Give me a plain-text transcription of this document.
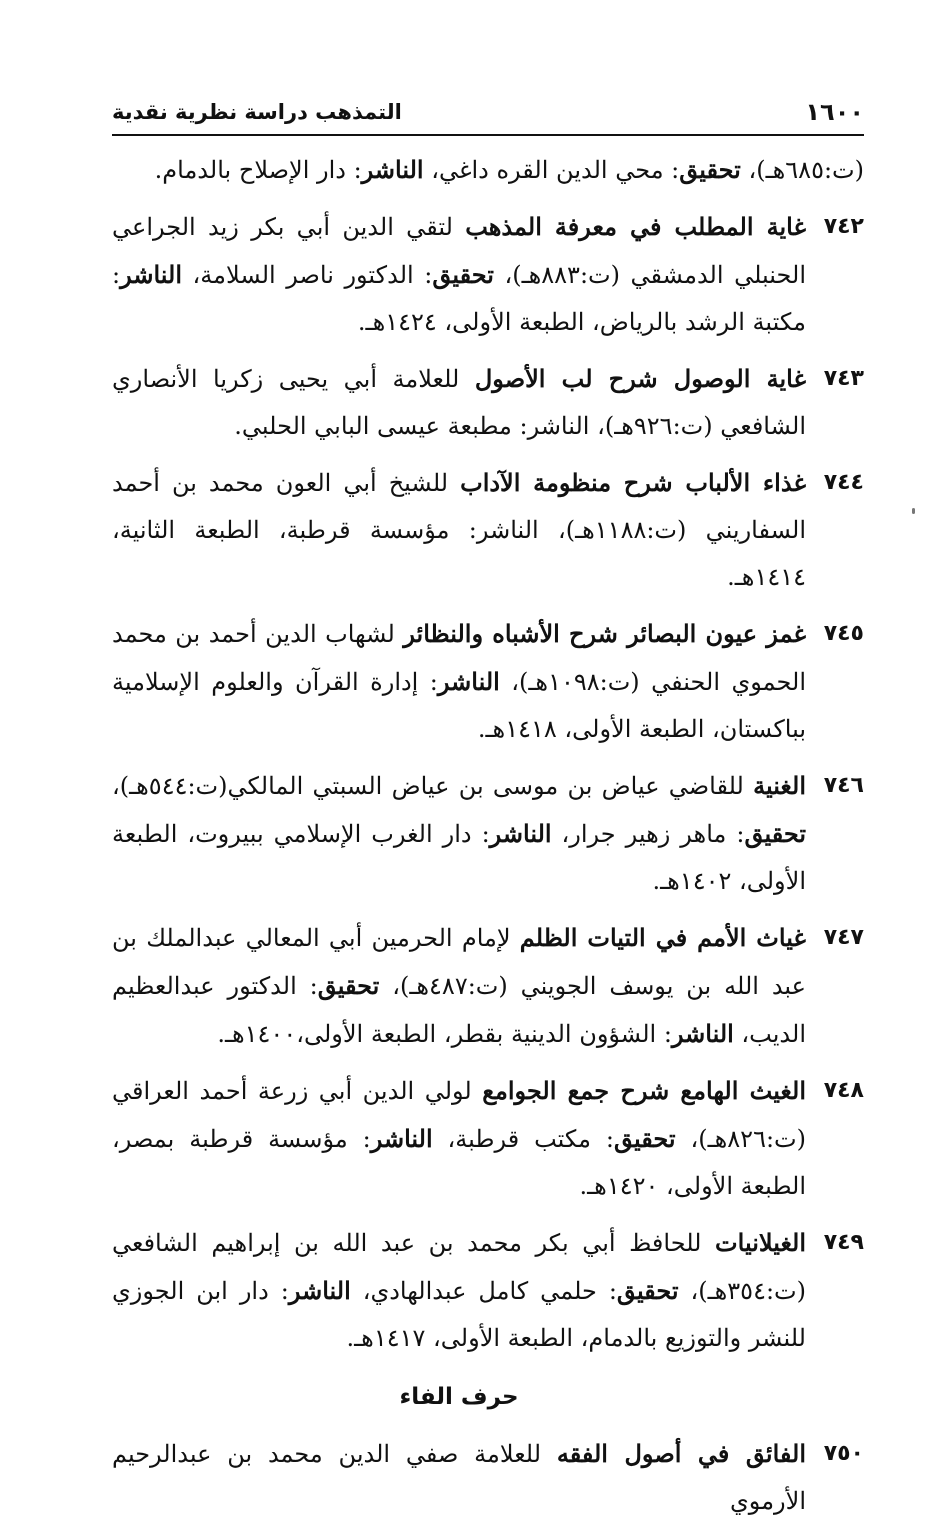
١٦٠٠
التمذهب دراسة نظرية نقدية

(ت:٦٨٥هـ)، تحقيق: محي الدين القره داغي، الناشر: دار الإصلاح بالدمام.

٧٤٢
غاية المطلب في معرفة المذهب لتقي الدين أبي بكر زيد الجراعي الحنبلي الدمشقي (ت:٨٨٣هـ)، تحقيق: الدكتور ناصر السلامة، الناشر: مكتبة الرشد بالرياض، الطبعة الأولى، ١٤٢٤هـ.
٧٤٣
غاية الوصول شرح لب الأصول للعلامة أبي يحيى زكريا الأنصاري الشافعي (ت:٩٢٦هـ)، الناشر: مطبعة عيسى البابي الحلبي.
٧٤٤
غذاء الألباب شرح منظومة الآداب للشيخ أبي العون محمد بن أحمد السفاريني (ت:١١٨٨هـ)، الناشر: مؤسسة قرطبة، الطبعة الثانية، ١٤١٤هـ.
٧٤٥
غمز عيون البصائر شرح الأشباه والنظائر لشهاب الدين أحمد بن محمد الحموي الحنفي (ت:١٠٩٨هـ)، الناشر: إدارة القرآن والعلوم الإسلامية بباكستان، الطبعة الأولى، ١٤١٨هـ.
٧٤٦
الغنية للقاضي عياض بن موسى بن عياض السبتي المالكي(ت:٥٤٤هـ)، تحقيق: ماهر زهير جرار، الناشر: دار الغرب الإسلامي ببيروت، الطبعة الأولى، ١٤٠٢هـ.
٧٤٧
غياث الأمم في التيات الظلم لإمام الحرمين أبي المعالي عبدالملك بن عبد الله بن يوسف الجويني (ت:٤٨٧هـ)، تحقيق: الدكتور عبدالعظيم الديب، الناشر: الشؤون الدينية بقطر، الطبعة الأولى،١٤٠٠هـ.
٧٤٨
الغيث الهامع شرح جمع الجوامع لولي الدين أبي زرعة أحمد العراقي (ت:٨٢٦هـ)، تحقيق: مكتب قرطبة، الناشر: مؤسسة قرطبة بمصر، الطبعة الأولى، ١٤٢٠هـ.
٧٤٩
الغيلانيات للحافظ أبي بكر محمد بن عبد الله بن إبراهيم الشافعي (ت:٣٥٤هـ)، تحقيق: حلمي كامل عبدالهادي، الناشر: دار ابن الجوزي للنشر والتوزيع بالدمام، الطبعة الأولى، ١٤١٧هـ.
حرف الفاء
٧٥٠
الفائق في أصول الفقه للعلامة صفي الدين محمد بن عبدالرحيم الأرموي
